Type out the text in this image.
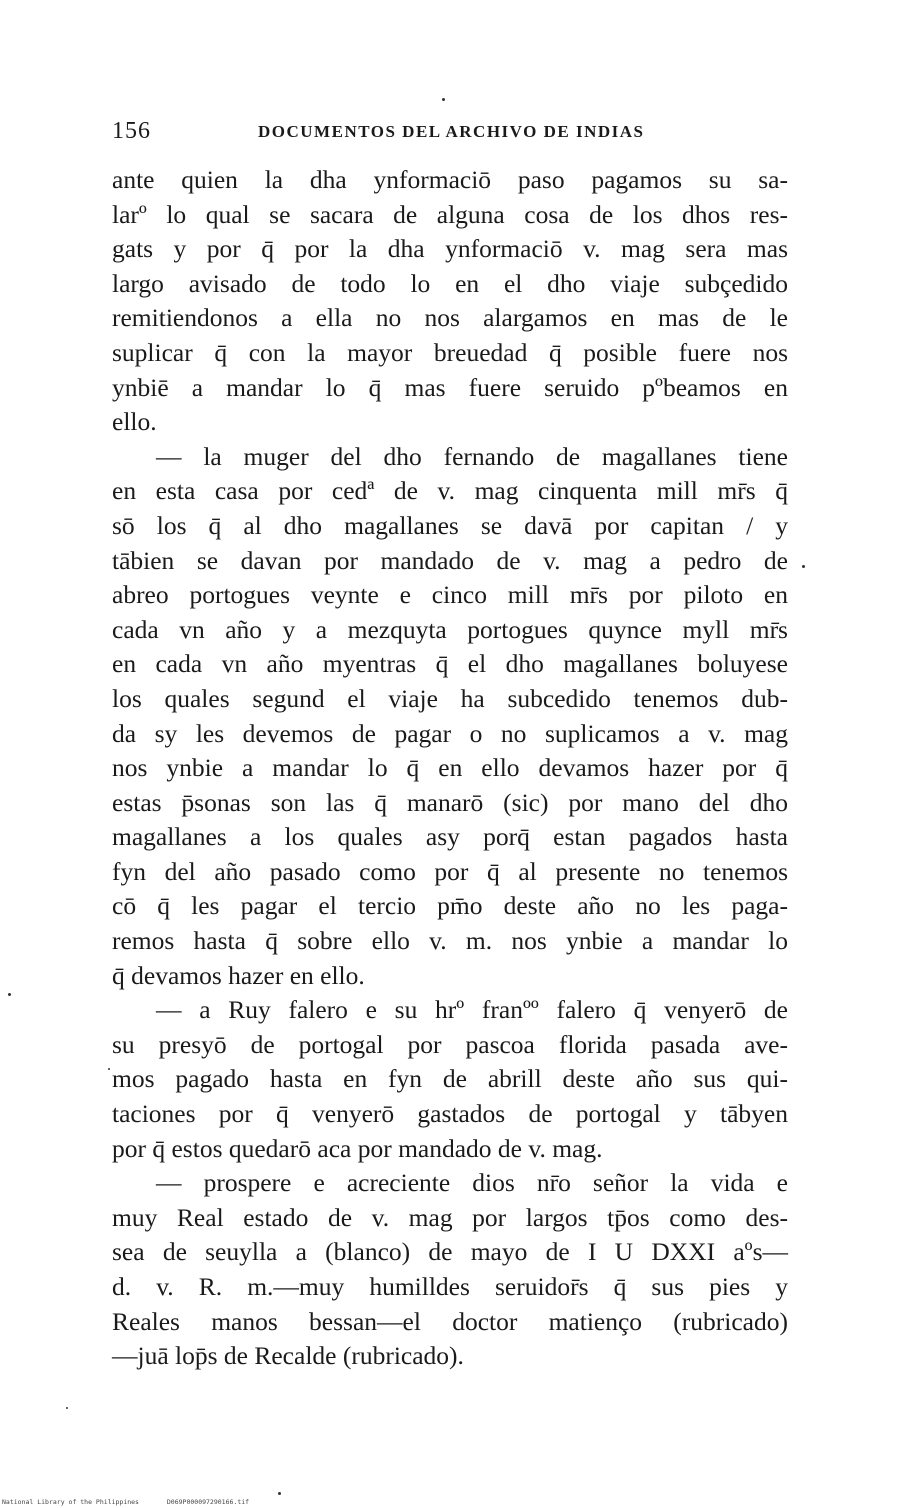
156	DOCUMENTOS DEL ARCHIVO DE INDIAS
ante quien la dha ynformaciō paso pagamos su sa-
larº lo qual se sacara de alguna cosa de los dhos res-
gats y por q̄ por la dha ynformaciō v. mag sera mas
largo avisado de todo lo en el dho viaje subçedido
remitiendonos a ella no nos alargamos en mas de le
suplicar q̄ con la mayor breuedad q̄ posible fuere nos
ynbiē a mandar lo q̄ mas fuere seruido pºbeamos en
ello.
— la muger del dho fernando de magallanes tiene
en esta casa por cedª de v. mag cinquenta mill mr̄s q̄
sō los q̄ al dho magallanes se davā por capitan / y
tābien se davan por mandado de v. mag a pedro de
abreo portogues veynte e cinco mill mr̄s por piloto en
cada vn año y a mezquyta portogues quynce myll mr̄s
en cada vn año myentras q̄ el dho magallanes boluyese
los quales segund el viaje ha subcedido tenemos dub-
da sy les devemos de pagar o no suplicamos a v. mag
nos ynbie a mandar lo q̄ en ello devamos hazer por q̄
estas p̄sonas son las q̄ manarō (sic) por mano del dho
magallanes a los quales asy porq̄ estan pagados hasta
fyn del año pasado como por q̄ al presente no tenemos
cō q̄ les pagar el tercio pm̄o deste año no les paga-
remos hasta q̄ sobre ello v. m. nos ynbie a mandar lo
q̄ devamos hazer en ello.
— a Ruy falero e su hrº franºº falero q̄ venyerō de
su presyō de portogal por pascoa florida pasada ave-
mos pagado hasta en fyn de abrill deste año sus qui-
taciones por q̄ venyerō gastados de portogal y tābyen
por q̄ estos quedarō aca por mandado de v. mag.
— prospere e acreciente dios nr̄o señor la vida e
muy Real estado de v. mag por largos tp̄os como des-
sea de seuylla a (blanco) de mayo de I U DXXI aºs—
d. v. R. m.—muy humilldes seruidor̄s q̄ sus pies y
Reales manos bessan—el doctor matienço (rubricado)
—juā lop̄s de Recalde (rubricado).
National Library of the Philippines	D069P000097290166.tif
